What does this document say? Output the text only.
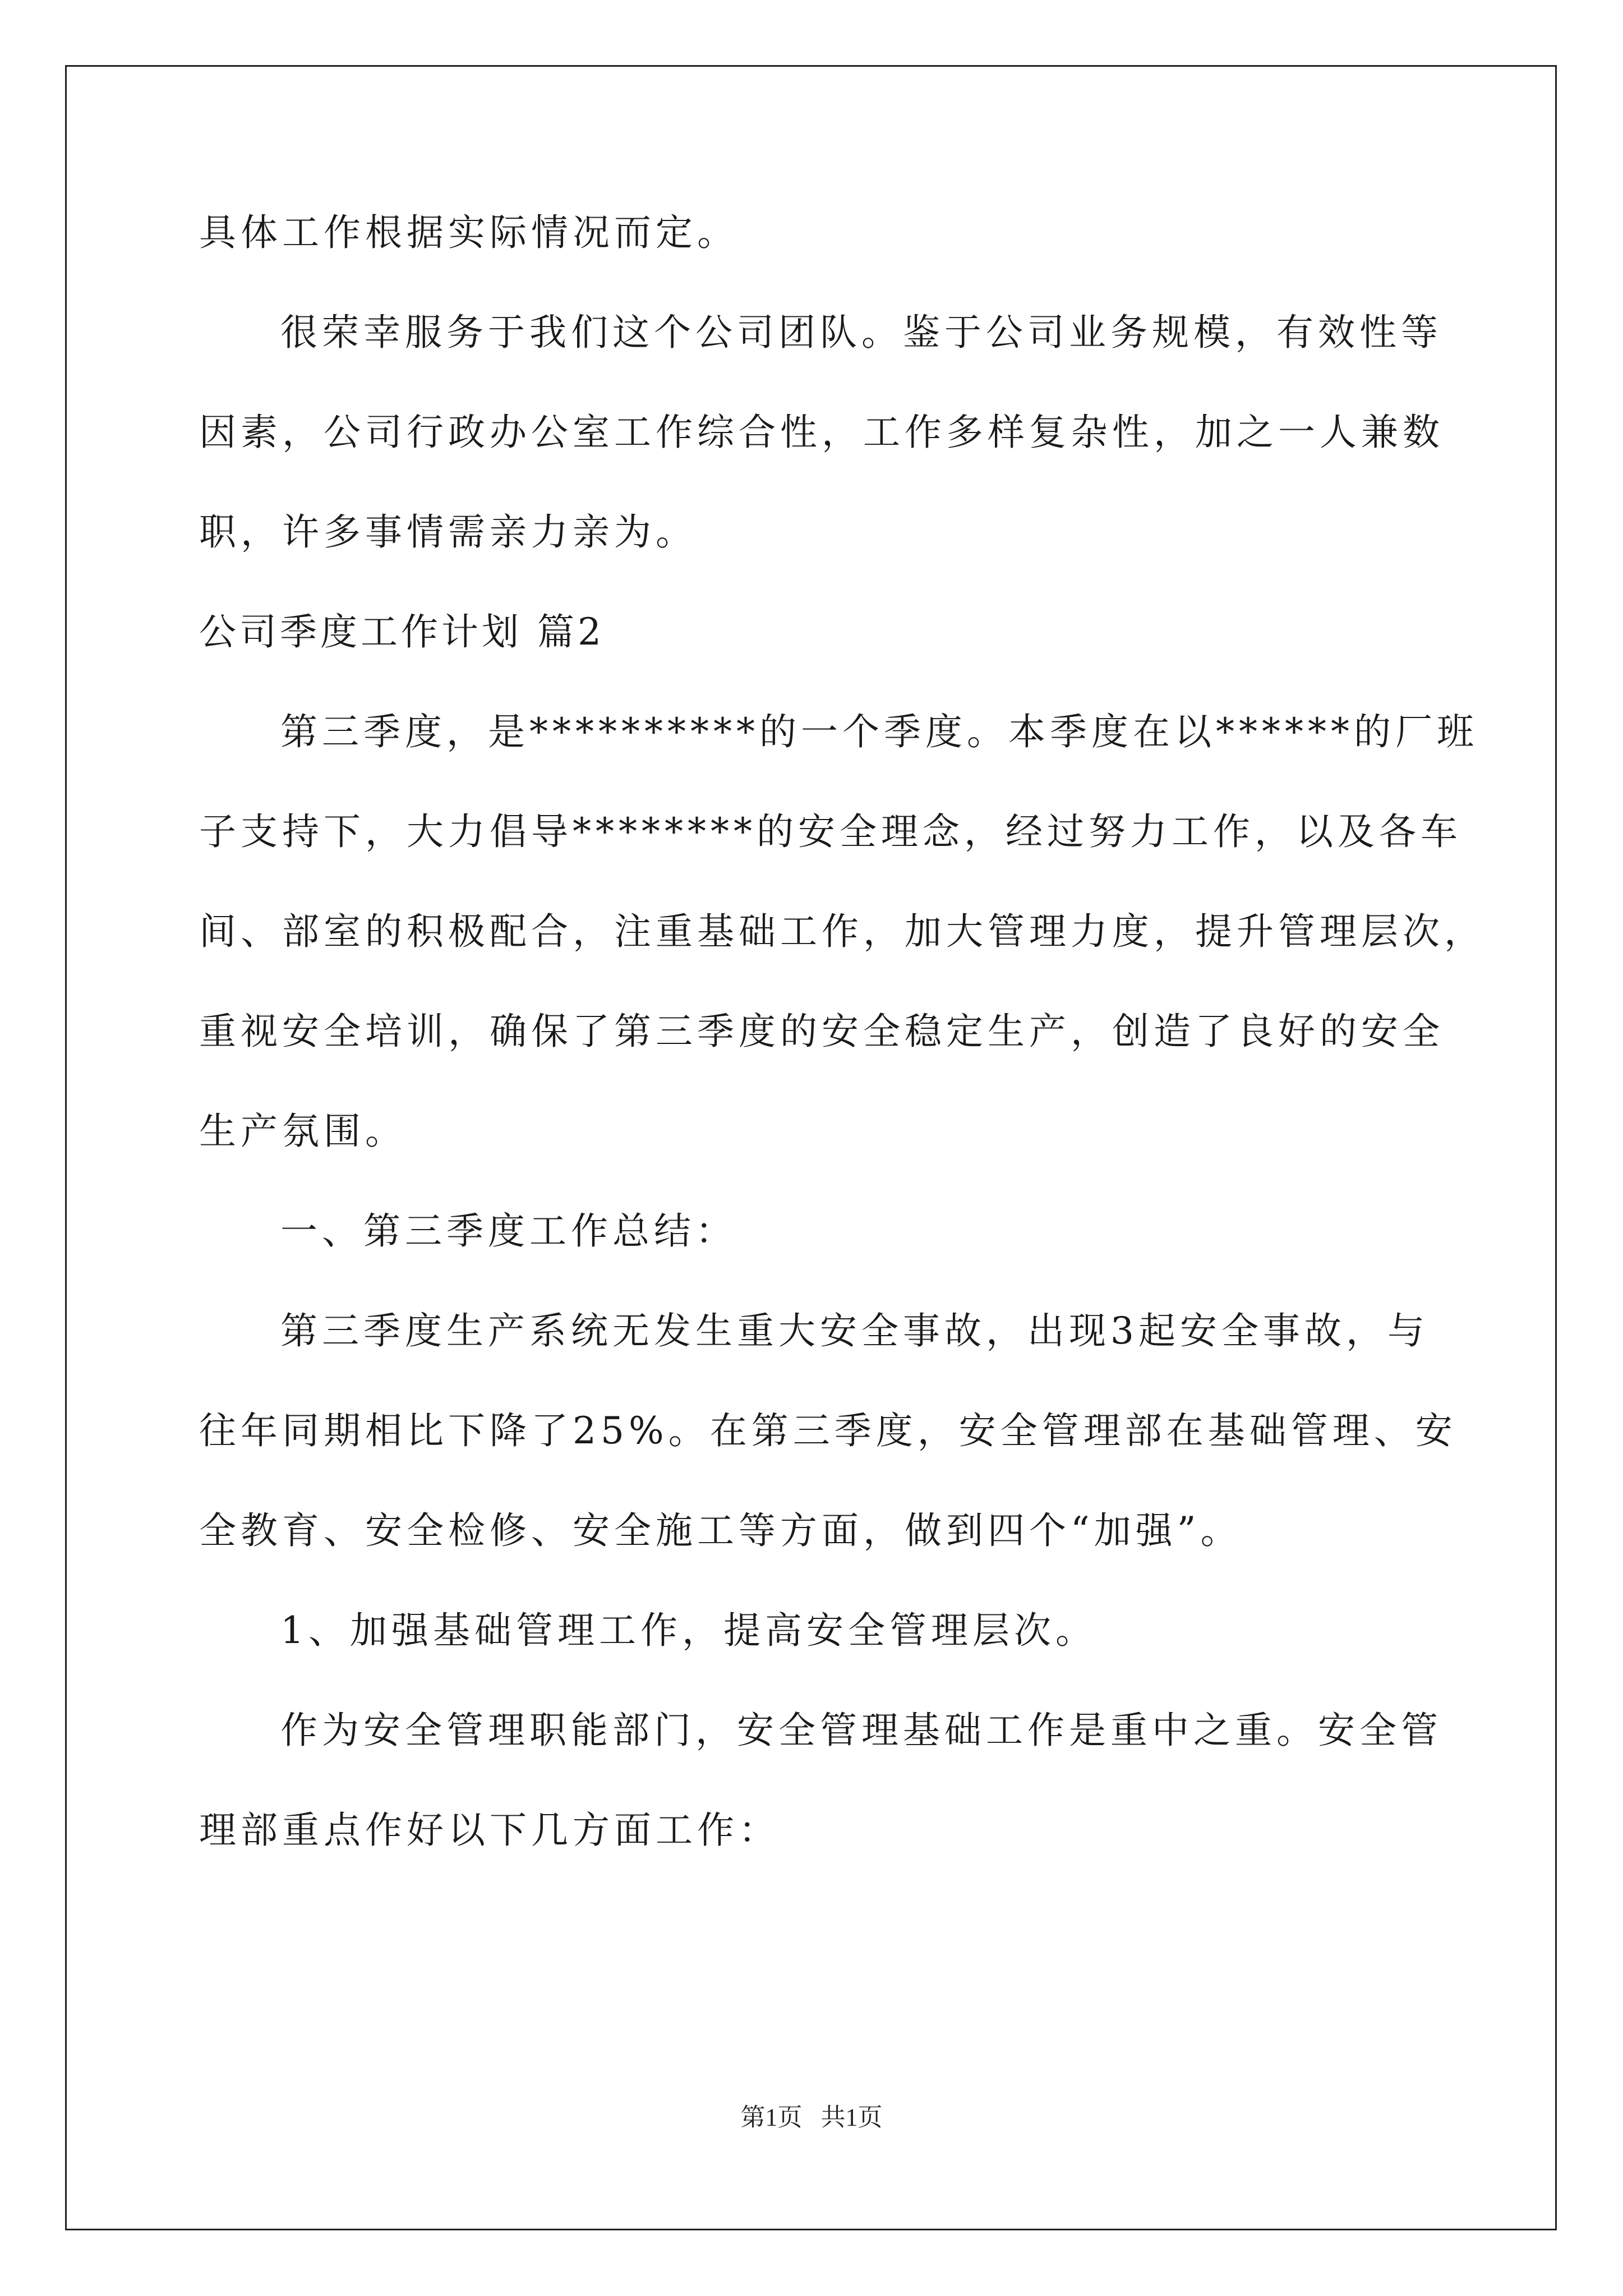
具体工作根据实际情况而定。
很荣幸服务于我们这个公司团队。鉴于公司业务规模，有效性等
因素，公司行政办公室工作综合性，工作多样复杂性，加之一人兼数
职，许多事情需亲力亲为。
公司季度工作计划 篇2
第三季度，是**********的一个季度。本季度在以******的厂班
子支持下，大力倡导********的安全理念，经过努力工作，以及各车
间、部室的积极配合，注重基础工作，加大管理力度，提升管理层次，
重视安全培训，确保了第三季度的安全稳定生产，创造了良好的安全
生产氛围。
一、第三季度工作总结：
第三季度生产系统无发生重大安全事故，出现3起安全事故，与
往年同期相比下降了25%。在第三季度，安全管理部在基础管理、安
全教育、安全检修、安全施工等方面，做到四个“加强”。
1、加强基础管理工作，提高安全管理层次。
作为安全管理职能部门，安全管理基础工作是重中之重。安全管
理部重点作好以下几方面工作：
第1页   共1页
